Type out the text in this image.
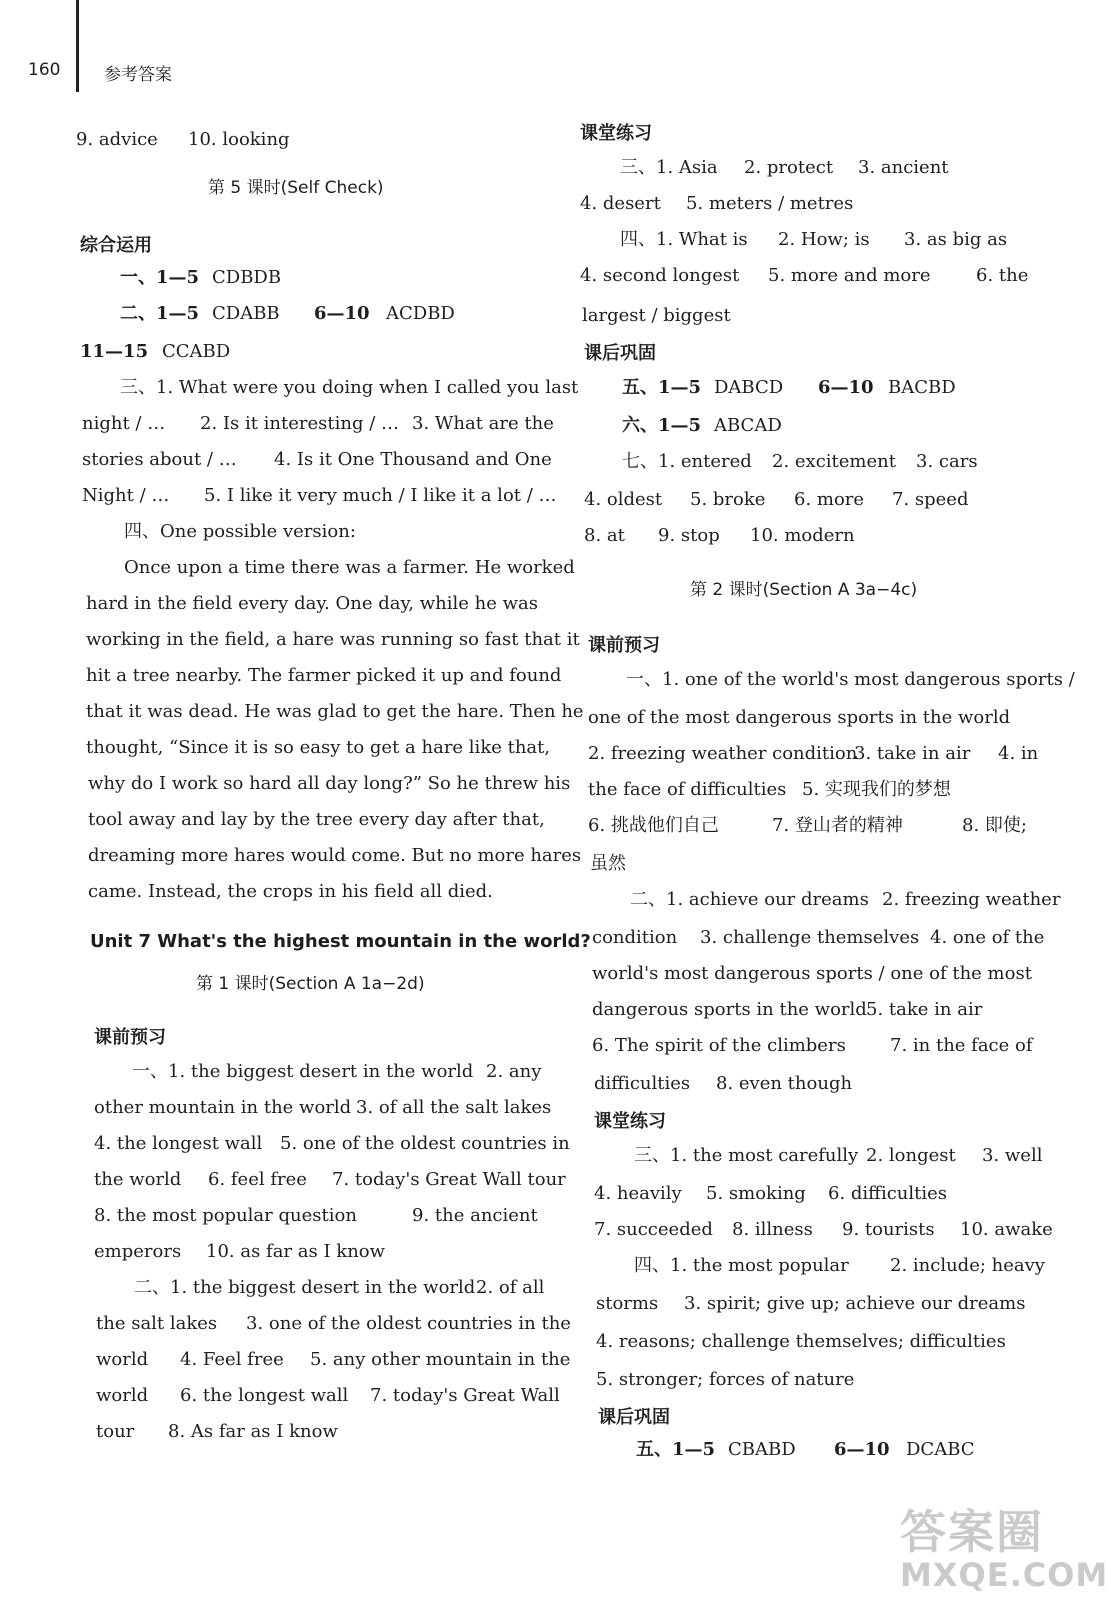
160	参考答案
9. advice 10. looking
第 5 课时(Self Check)
综合运用
一、1—5 CDBDB
二、1—5 CDABB 6—10 ACDBD
11—15 CCABD
三、1. What were you doing when I called you last
night / … 2. Is it interesting / … 3. What are the
stories about / … 4. Is it One Thousand and One
Night / … 5. I like it very much / I like it a lot / …
四、One possible version:
Once upon a time there was a farmer. He worked
hard in the field every day. One day, while he was
working in the field, a hare was running so fast that it
hit a tree nearby. The farmer picked it up and found
that it was dead. He was glad to get the hare. Then he
thought, “Since it is so easy to get a hare like that,
why do I work so hard all day long?” So he threw his
tool away and lay by the tree every day after that,
dreaming more hares would come. But no more hares
came. Instead, the crops in his field all died.
Unit 7 What's the highest mountain in the world?
第 1 课时(Section A 1a−2d)
课前预习
一、1. the biggest desert in the world 2. any
other mountain in the world 3. of all the salt lakes
4. the longest wall 5. one of the oldest countries in
the world 6. feel free 7. today's Great Wall tour
8. the most popular question	9. the ancient
emperors 10. as far as I know
二、1. the biggest desert in the world2. of all
the salt lakes 3. one of the oldest countries in the
world 4. Feel free 5. any other mountain in the
world 6. the longest wall 7. today's Great Wall
tour 8. As far as I know
课堂练习
三、1. Asia 2. protect 3. ancient
4. desert 5. meters / metres
四、1. What is 2. How; is 3. as big as
4. second longest 5. more and more	6. the
largest / biggest
课后巩固
五、1—5 DABCD 6—10 BACBD
六、1—5 ABCAD
七、1. entered 2. excitement 3. cars
4. oldest 5. broke 6. more 7. speed
8. at 9. stop 10. modern
第 2 课时(Section A 3a−4c)
课前预习
一、1. one of the world's most dangerous sports /
one of the most dangerous sports in the world
2. freezing weather condition3. take in air 4. in
the face of difficulties 5. 实现我们的梦想
6. 挑战他们自己	7. 登山者的精神	8. 即使;
虽然
二、1. achieve our dreams 2. freezing weather
condition 3. challenge themselves 4. one of the
world's most dangerous sports / one of the most
dangerous sports in the world5. take in air
6. The spirit of the climbers 7. in the face of
difficulties 8. even though
课堂练习
三、1. the most carefully 2. longest 3. well
4. heavily 5. smoking 6. difficulties
7. succeeded 8. illness 9. tourists 10. awake
四、1. the most popular 2. include; heavy
storms 3. spirit; give up; achieve our dreams
4. reasons; challenge themselves; difficulties
5. stronger; forces of nature
课后巩固
五、1—5 CBABD 6—10 DCABC
答案圈
MXQE.COM
